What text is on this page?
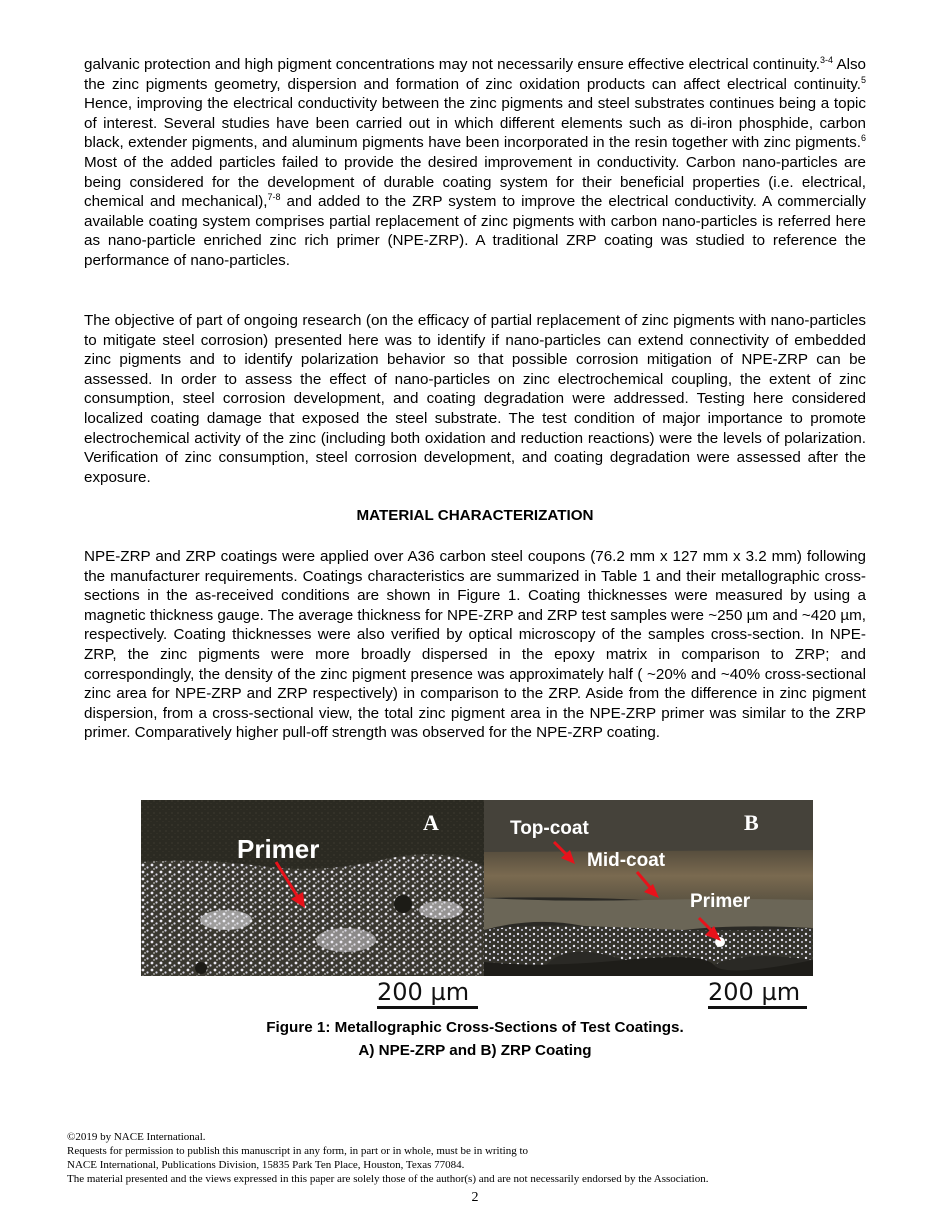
galvanic protection and high pigment concentrations may not necessarily ensure effective electrical continuity.$^{3-4}$ Also the zinc pigments geometry, dispersion and formation of zinc oxidation products can affect electrical continuity.$^5$ Hence, improving the electrical conductivity between the zinc pigments and steel substrates continues being a topic of interest. Several studies have been carried out in which different elements such as di-iron phosphide, carbon black, extender pigments, and aluminum pigments have been incorporated in the resin together with zinc pigments.$^6$ Most of the added particles failed to provide the desired improvement in conductivity. Carbon nano-particles are being considered for the development of durable coating system for their beneficial properties (i.e. electrical, chemical and mechanical),$^{7-8}$ and added to the ZRP system to improve the electrical conductivity. A commercially available coating system comprises partial replacement of zinc pigments with carbon nano-particles is referred here as nano-particle enriched zinc rich primer (NPE-ZRP). A traditional ZRP coating was studied to reference the performance of nano-particles.

The objective of part of ongoing research (on the efficacy of partial replacement of zinc pigments with nano-particles to mitigate steel corrosion) presented here was to identify if nano-particles can extend connectivity of embedded zinc pigments and to identify polarization behavior so that possible corrosion mitigation of NPE-ZRP can be assessed. In order to assess the effect of nano-particles on zinc electrochemical coupling, the extent of zinc consumption, steel corrosion development, and coating degradation were addressed. Testing here considered localized coating damage that exposed the steel substrate. The test condition of major importance to promote electrochemical activity of the zinc (including both oxidation and reduction reactions) were the levels of polarization. Verification of zinc consumption, steel corrosion development, and coating degradation were assessed after the exposure.

MATERIAL CHARACTERIZATION

NPE-ZRP and ZRP coatings were applied over A36 carbon steel coupons (76.2 mm x 127 mm x 3.2 mm) following the manufacturer requirements. Coatings characteristics are summarized in Table 1 and their metallographic cross-sections in the as-received conditions are shown in Figure 1. Coating thicknesses were measured by using a magnetic thickness gauge. The average thickness for NPE-ZRP and ZRP test samples were ~250 µm and ~420 µm, respectively. Coating thicknesses were also verified by optical microscopy of the samples cross-section. In NPE-ZRP, the zinc pigments were more broadly dispersed in the epoxy matrix in comparison to ZRP; and correspondingly, the density of the zinc pigment presence was approximately half ( ~20% and ~40% cross-sectional zinc area for NPE-ZRP and ZRP respectively) in comparison to the ZRP. Aside from the difference in zinc pigment dispersion, from a cross-sectional view, the total zinc pigment area in the NPE-ZRP primer was similar to the ZRP primer. Comparatively higher pull-off strength was observed for the NPE-ZRP coating.

A
Primer
200 µm
B
Top-coat
Mid-coat
Primer
200 µm
Figure 1: Metallographic Cross-Sections of Test Coatings.
A) NPE-ZRP and B) ZRP Coating
©2019 by NACE International.
Requests for permission to publish this manuscript in any form, in part or in whole, must be in writing to
NACE International, Publications Division, 15835 Park Ten Place, Houston, Texas 77084.
The material presented and the views expressed in this paper are solely those of the author(s) and are not necessarily endorsed by the Association.
2
